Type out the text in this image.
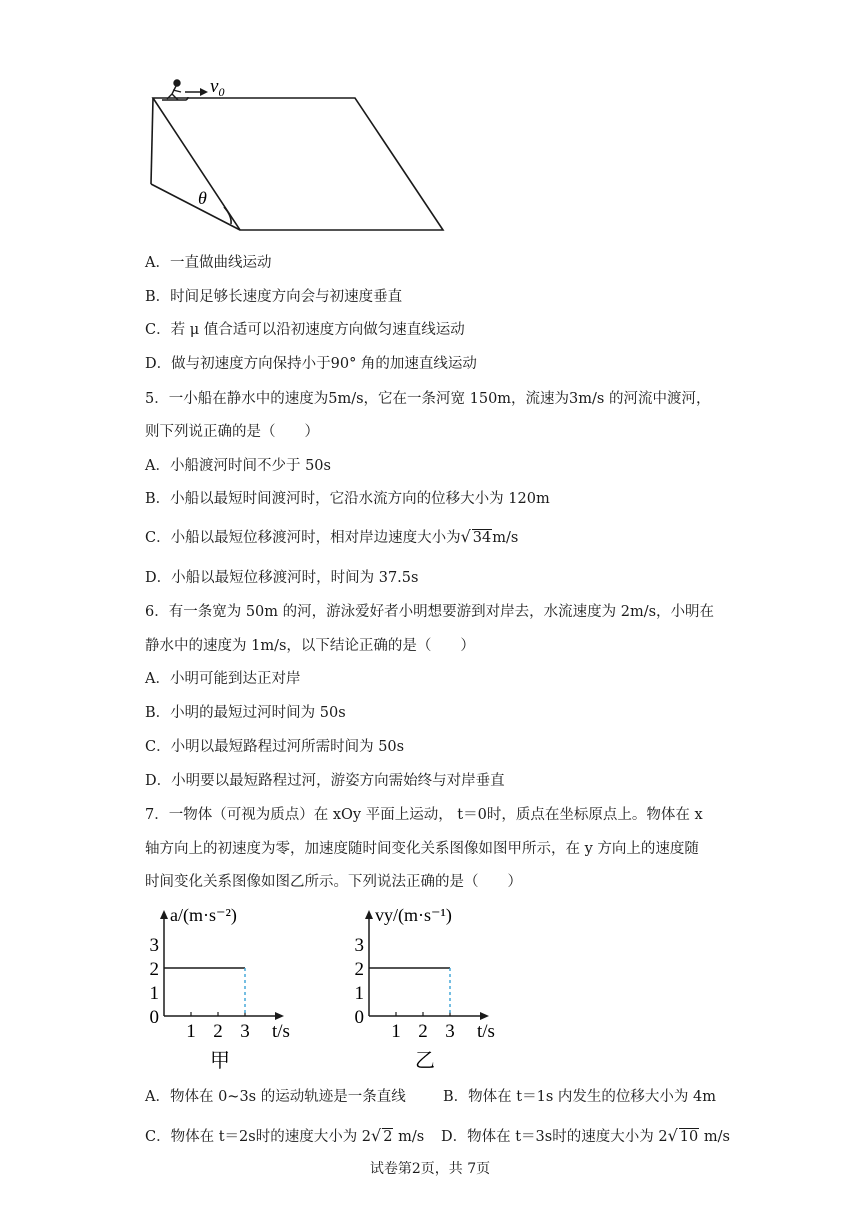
$v_0$
θ
A．一直做曲线运动
B．时间足够长速度方向会与初速度垂直
C．若 μ 值合适可以沿初速度方向做匀速直线运动
D．做与初速度方向保持小于90° 角的加速直线运动
5．一小船在静水中的速度为5m/s，它在一条河宽 150m，流速为3m/s 的河流中渡河，
则下列说正确的是（　　）
A．小船渡河时间不少于 50s
B．小船以最短时间渡河时，它沿水流方向的位移大小为 120m
C．小船以最短位移渡河时，相对岸边速度大小为√ 34m/s
D．小船以最短位移渡河时，时间为 37.5s
6．有一条宽为 50m 的河，游泳爱好者小明想要游到对岸去，水流速度为 2m/s，小明在
静水中的速度为 1m/s，以下结论正确的是（　　）
A．小明可能到达正对岸
B．小明的最短过河时间为 50s
C．小明以最短路程过河所需时间为 50s
D．小明要以最短路程过河，游姿方向需始终与对岸垂直
7．一物体（可视为质点）在 xOy 平面上运动， t＝0时，质点在坐标原点上。物体在 x
轴方向上的初速度为零，加速度随时间变化关系图像如图甲所示，在 y 方向上的速度随
时间变化关系图像如图乙所示。下列说法正确的是（　　）
0
1
2
3
1 2 3 t/s
a/(m·s⁻²)
甲
0
1
2
3
1 2 3 t/s
vy/(m·s⁻¹)
乙
A．物体在 0~3s 的运动轨迹是一条直线	B．物体在 t＝1s 内发生的位移大小为 4m
C．物体在 t＝2s时的速度大小为 2√ 2 m/s D．物体在 t＝3s时的速度大小为 2√ 10 m/s
试卷第2页，共 7页
